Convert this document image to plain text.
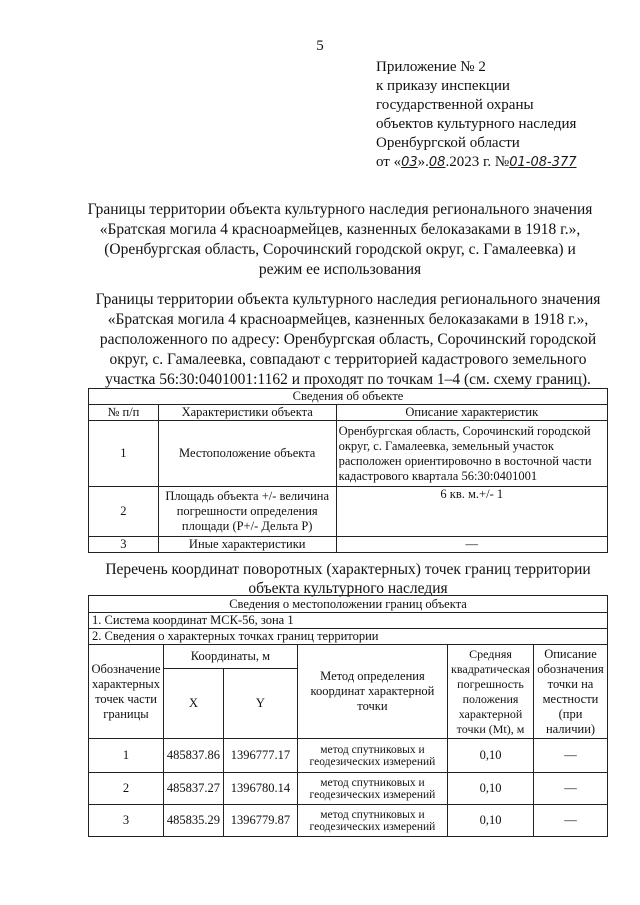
5
Приложение № 2
к приказу инспекции
государственной охраны
объектов культурного наследия
Оренбургской области
от «03».08.2023 г. №01-08-377
Границы территории объекта культурного наследия регионального значения
«Братская могила 4 красноармейцев, казненных белоказаками в 1918 г.»,
(Оренбургская область, Сорочинский городской округ, с. Гамалеевка) и
режим ее использования
Границы территории объекта культурного наследия регионального значения
«Братская могила 4 красноармейцев, казненных белоказаками в 1918 г.»,
расположенного по адресу: Оренбургская область, Сорочинский городской
округ, с. Гамалеевка, совпадают с территорией кадастрового земельного
участка 56:30:0401001:1162 и проходят по точкам 1–4 (см. схему границ).
Сведения об объекте		
№ п/п	Характеристики объекта	Описание характеристик
1	Местоположение объекта	Оренбургская область, Сорочинский городской округ, с. Гамалеевка, земельный участок расположен ориентировочно в восточной части кадастрового квартала 56:30:0401001
2	Площадь объекта +/- величина погрешности определения площади (P+/- Дельта P)	6 кв. м.+/- 1
3	Иные характеристики	—
Перечень координат поворотных (характерных) точек границ территории
объекта культурного наследия
Сведения о местоположении границ объекта					
1. Система координат МСК-56, зона 1					
2. Сведения о характерных точках границ территории					
Обозначение характерных точек части границы	Координаты, м		Метод определения координат характерной точки	Средняя квадратическая погрешность положения характерной точки (Mt), м	Описание обозначения точки на местности (при наличии)
	X	Y			
1	485837.86	1396777.17	метод спутниковых и геодезических измерений	0,10	—
2	485837.27	1396780.14	метод спутниковых и геодезических измерений	0,10	—
3	485835.29	1396779.87	метод спутниковых и геодезических измерений	0,10	—
